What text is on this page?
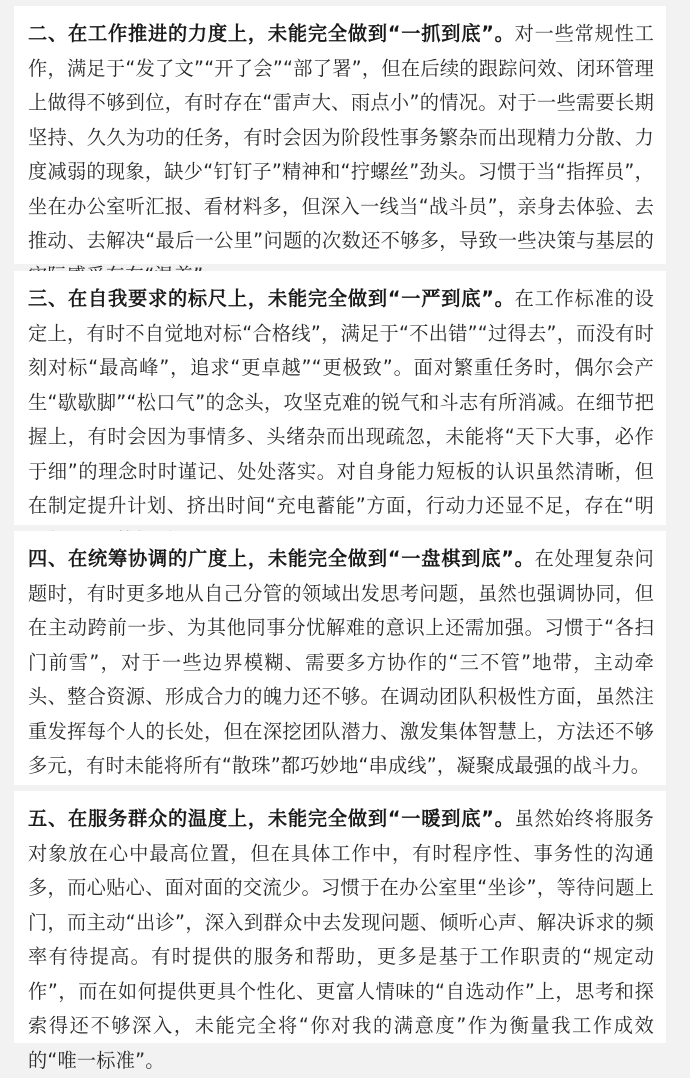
二、在工作推进的力度上，未能完全做到“一抓到底”。对一些常规性工作，满足于“发了文”“开了会”“部了署”，但在后续的跟踪问效、闭环管理上做得不够到位，有时存在“雷声大、雨点小”的情况。对于一些需要长期坚持、久久为功的任务，有时会因为阶段性事务繁杂而出现精力分散、力度减弱的现象，缺少“钉钉子”精神和“拧螺丝”劲头。习惯于当“指挥员”，坐在办公室听汇报、看材料多，但深入一线当“战斗员”，亲身去体验、去推动、去解决“最后一公里”问题的次数还不够多，导致一些决策与基层的
三、在自我要求的标尺上，未能完全做到“一严到底”。在工作标准的设定上，有时不自觉地对标“合格线”，满足于“不出错”“过得去”，而没有时刻对标“最高峰”，追求“更卓越”“更极致”。面对繁重任务时，偶尔会产生“歇歇脚”“松口气”的念头，攻坚克难的锐气和斗志有所消减。在细节把握上，有时会因为事情多、头绪杂而出现疏忽，未能将“天下大事，必作于细”的理念时时谨记、处处落实。对自身能力短板的认识虽然清晰，但在制定提升计划、挤出时间“充电蓄能”方面，行动力还显不足，存在“明
四、在统筹协调的广度上，未能完全做到“一盘棋到底”。在处理复杂问题时，有时更多地从自己分管的领域出发思考问题，虽然也强调协同，但在主动跨前一步、为其他同事分忧解难的意识上还需加强。习惯于“各扫门前雪”，对于一些边界模糊、需要多方协作的“三不管”地带，主动牵头、整合资源、形成合力的魄力还不够。在调动团队积极性方面，虽然注重发挥每个人的长处，但在深挖团队潜力、激发集体智慧上，方法还不够多元，有时未能将所有“散珠”都巧妙地“串成线”，凝聚成最强的战斗力。
五、在服务群众的温度上，未能完全做到“一暖到底”。虽然始终将服务对象放在心中最高位置，但在具体工作中，有时程序性、事务性的沟通多，而心贴心、面对面的交流少。习惯于在办公室里“坐诊”，等待问题上门，而主动“出诊”，深入到群众中去发现问题、倾听心声、解决诉求的频率有待提高。有时提供的服务和帮助，更多是基于工作职责的“规定动作”，而在如何提供更具个性化、更富人情味的“自选动作”上，思考和探索得还不够深入，未能完全将“你对我的满意度”作为衡量我工作成效的“唯一标准”。
